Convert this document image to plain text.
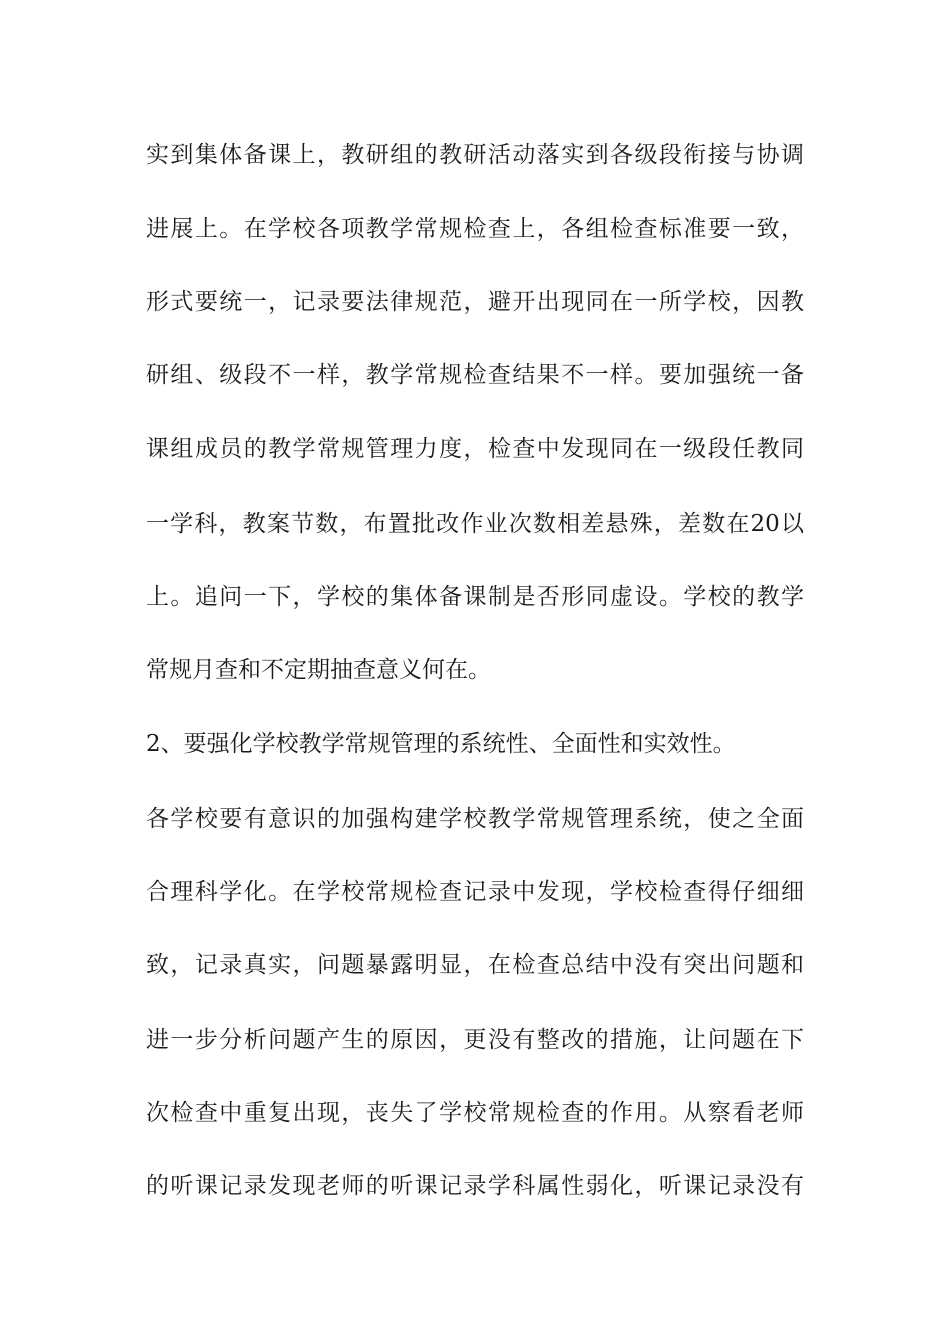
实到集体备课上，教研组的教研活动落实到各级段衔接与协调
进展上。在学校各项教学常规检查上，各组检查标准要一致，
形式要统一，记录要法律规范，避开出现同在一所学校，因教
研组、级段不一样，教学常规检查结果不一样。要加强统一备
课组成员的教学常规管理力度，检查中发现同在一级段任教同
一学科，教案节数，布置批改作业次数相差悬殊，差数在20以
上。追问一下，学校的集体备课制是否形同虚设。学校的教学
常规月查和不定期抽查意义何在。
2、要强化学校教学常规管理的系统性、全面性和实效性。
各学校要有意识的加强构建学校教学常规管理系统，使之全面
合理科学化。在学校常规检查记录中发现，学校检查得仔细细
致，记录真实，问题暴露明显，在检查总结中没有突出问题和
进一步分析问题产生的原因，更没有整改的措施，让问题在下
次检查中重复出现，丧失了学校常规检查的作用。从察看老师
的听课记录发现老师的听课记录学科属性弱化，听课记录没有
